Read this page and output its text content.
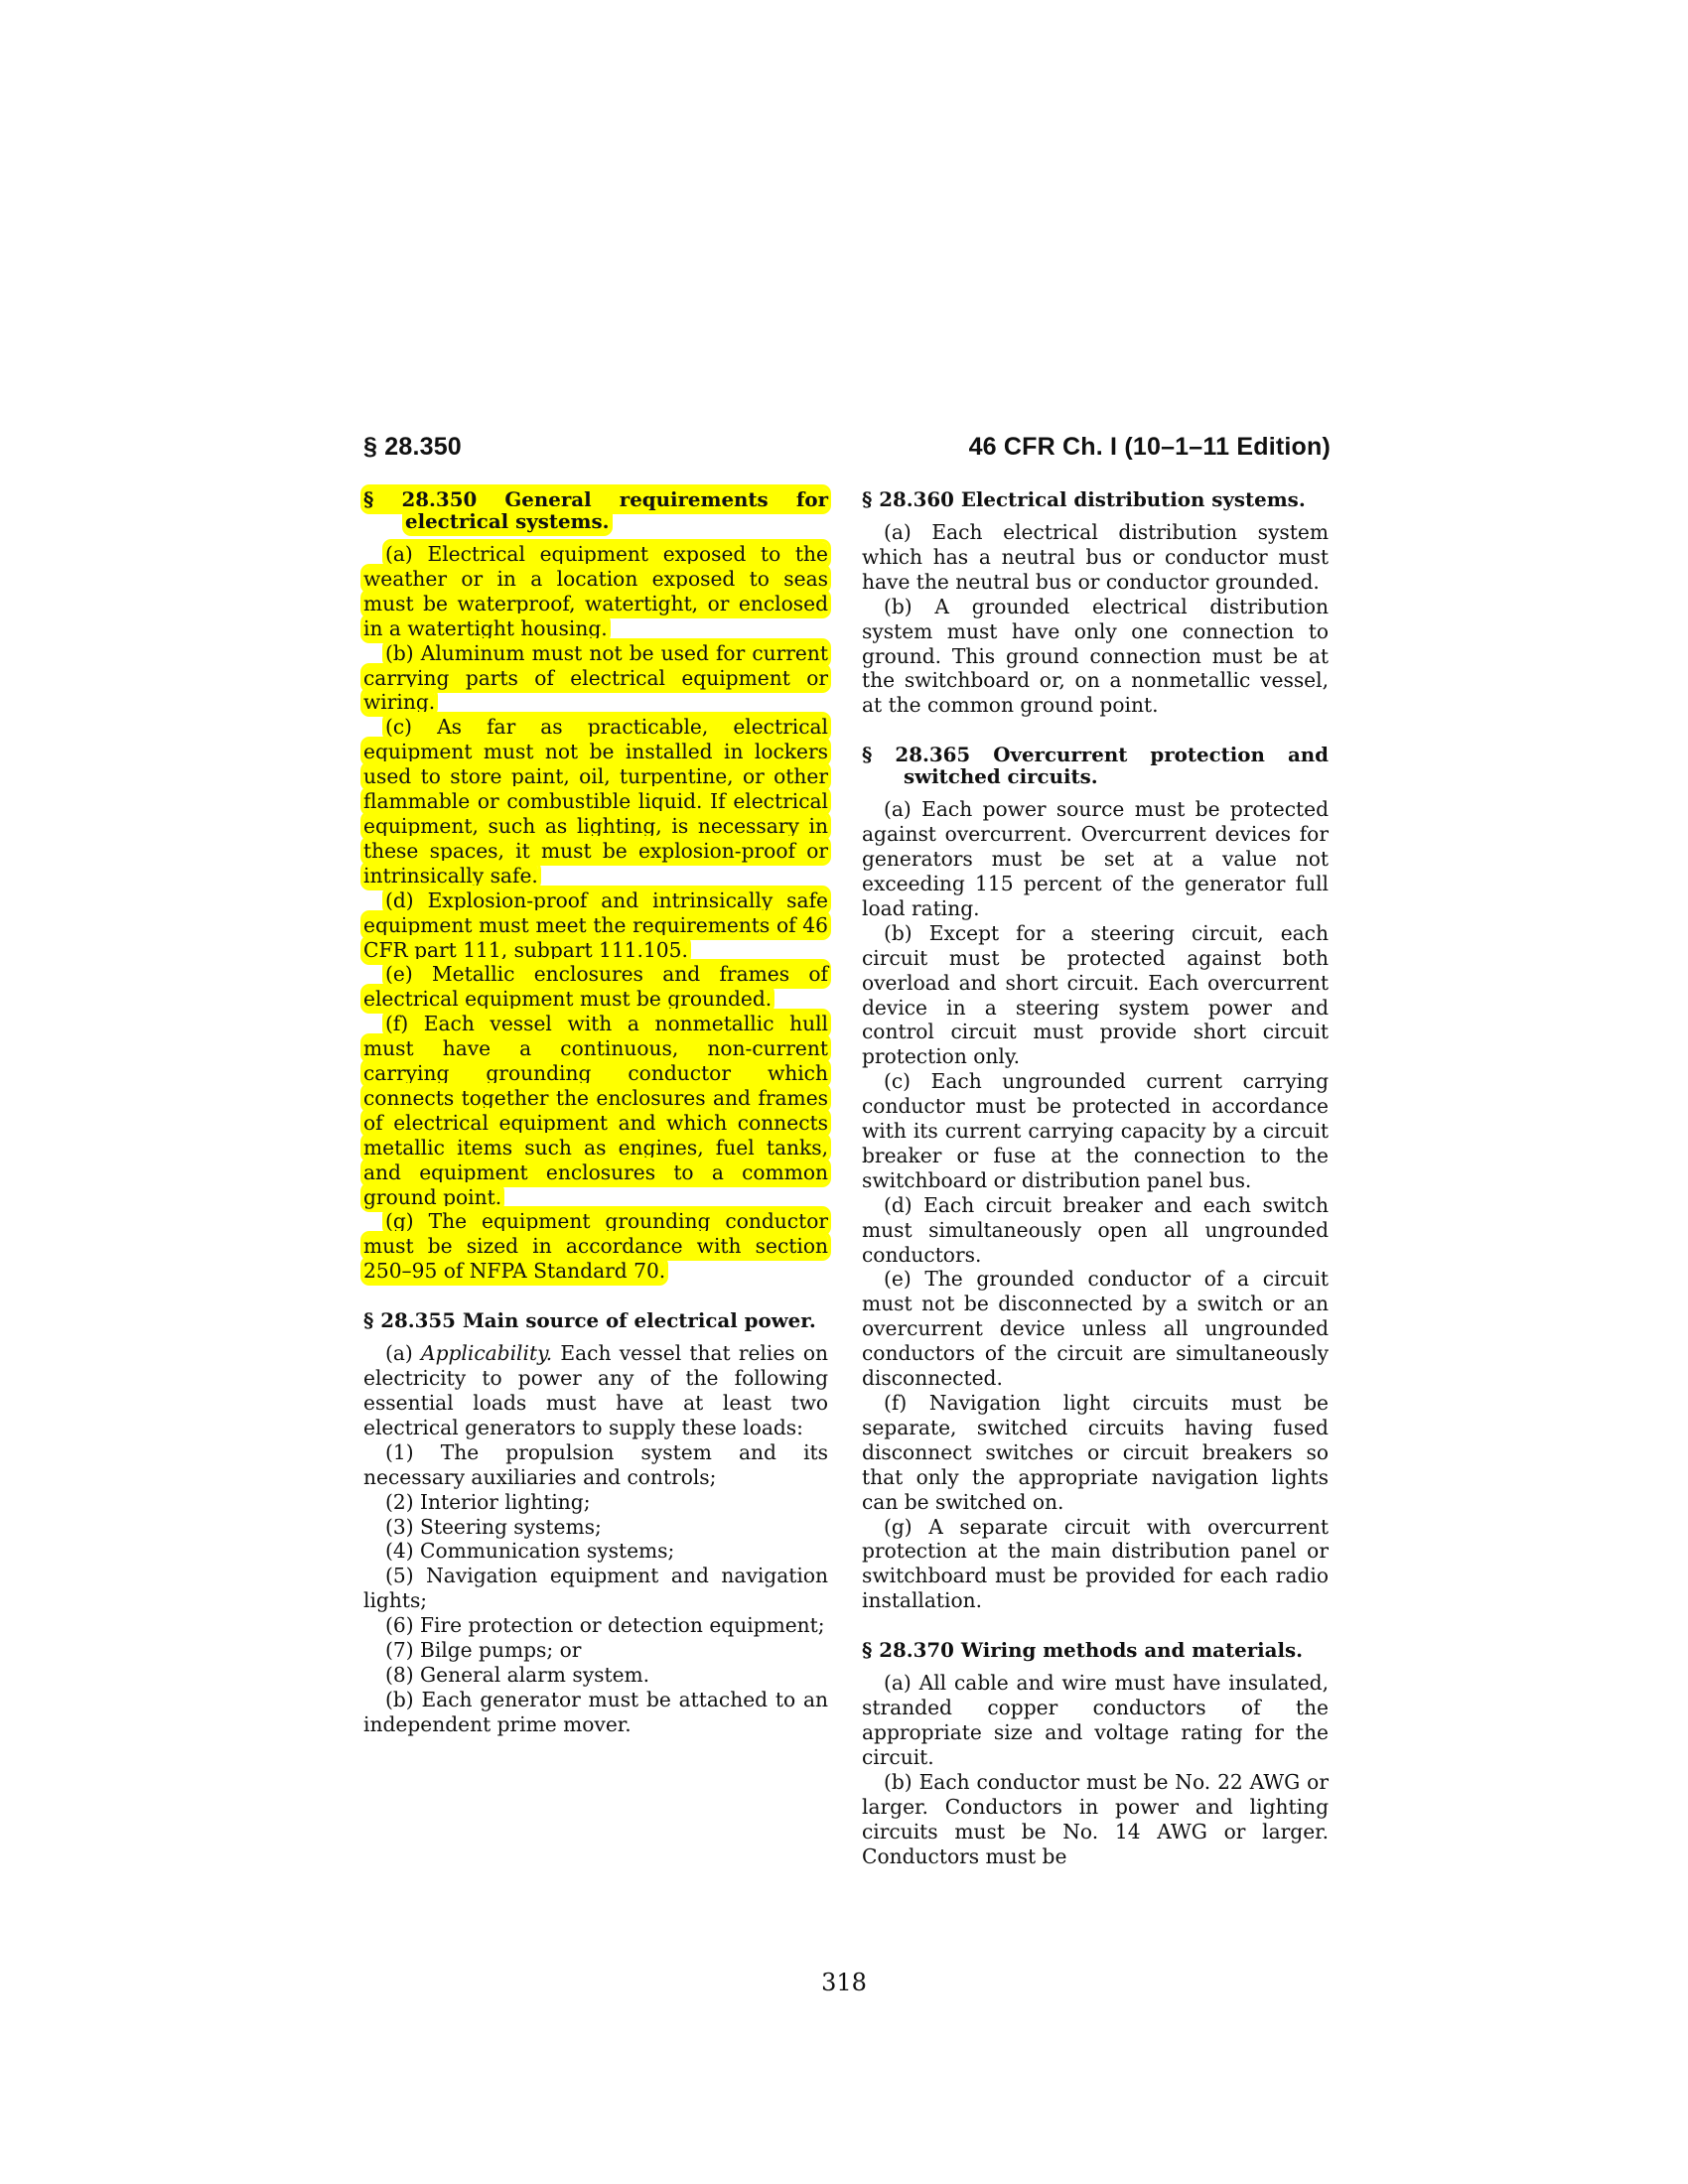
§ 28.350	46 CFR Ch. I (10–1–11 Edition)
§ 28.350 General requirements for electrical systems.

(a) Electrical equipment exposed to the weather or in a location exposed to seas must be waterproof, watertight, or enclosed in a watertight housing.

(b) Aluminum must not be used for current carrying parts of electrical equipment or wiring.

(c) As far as practicable, electrical equipment must not be installed in lockers used to store paint, oil, turpentine, or other flammable or combustible liquid. If electrical equipment, such as lighting, is necessary in these spaces, it must be explosion-proof or intrinsically safe.

(d) Explosion-proof and intrinsically safe equipment must meet the requirements of 46 CFR part 111, subpart 111.105.

(e) Metallic enclosures and frames of electrical equipment must be grounded.

(f) Each vessel with a nonmetallic hull must have a continuous, non-current carrying grounding conductor which connects together the enclosures and frames of electrical equipment and which connects metallic items such as engines, fuel tanks, and equipment enclosures to a common ground point.

(g) The equipment grounding conductor must be sized in accordance with section 250–95 of NFPA Standard 70.

§ 28.355 Main source of electrical power.

(a) Applicability. Each vessel that relies on electricity to power any of the following essential loads must have at least two electrical generators to supply these loads:

(1) The propulsion system and its necessary auxiliaries and controls;

(2) Interior lighting;

(3) Steering systems;

(4) Communication systems;

(5) Navigation equipment and navigation lights;

(6) Fire protection or detection equipment;

(7) Bilge pumps; or

(8) General alarm system.

(b) Each generator must be attached to an independent prime mover.

§ 28.360 Electrical distribution systems.

(a) Each electrical distribution system which has a neutral bus or conductor must have the neutral bus or conductor grounded.

(b) A grounded electrical distribution system must have only one connection to ground. This ground connection must be at the switchboard or, on a nonmetallic vessel, at the common ground point.

§ 28.365 Overcurrent protection and switched circuits.

(a) Each power source must be protected against overcurrent. Overcurrent devices for generators must be set at a value not exceeding 115 percent of the generator full load rating.

(b) Except for a steering circuit, each circuit must be protected against both overload and short circuit. Each overcurrent device in a steering system power and control circuit must provide short circuit protection only.

(c) Each ungrounded current carrying conductor must be protected in accordance with its current carrying capacity by a circuit breaker or fuse at the connection to the switchboard or distribution panel bus.

(d) Each circuit breaker and each switch must simultaneously open all ungrounded conductors.

(e) The grounded conductor of a circuit must not be disconnected by a switch or an overcurrent device unless all ungrounded conductors of the circuit are simultaneously disconnected.

(f) Navigation light circuits must be separate, switched circuits having fused disconnect switches or circuit breakers so that only the appropriate navigation lights can be switched on.

(g) A separate circuit with overcurrent protection at the main distribution panel or switchboard must be provided for each radio installation.

§ 28.370 Wiring methods and materials.

(a) All cable and wire must have insulated, stranded copper conductors of the appropriate size and voltage rating for the circuit.

(b) Each conductor must be No. 22 AWG or larger. Conductors in power and lighting circuits must be No. 14 AWG or larger. Conductors must be

318
